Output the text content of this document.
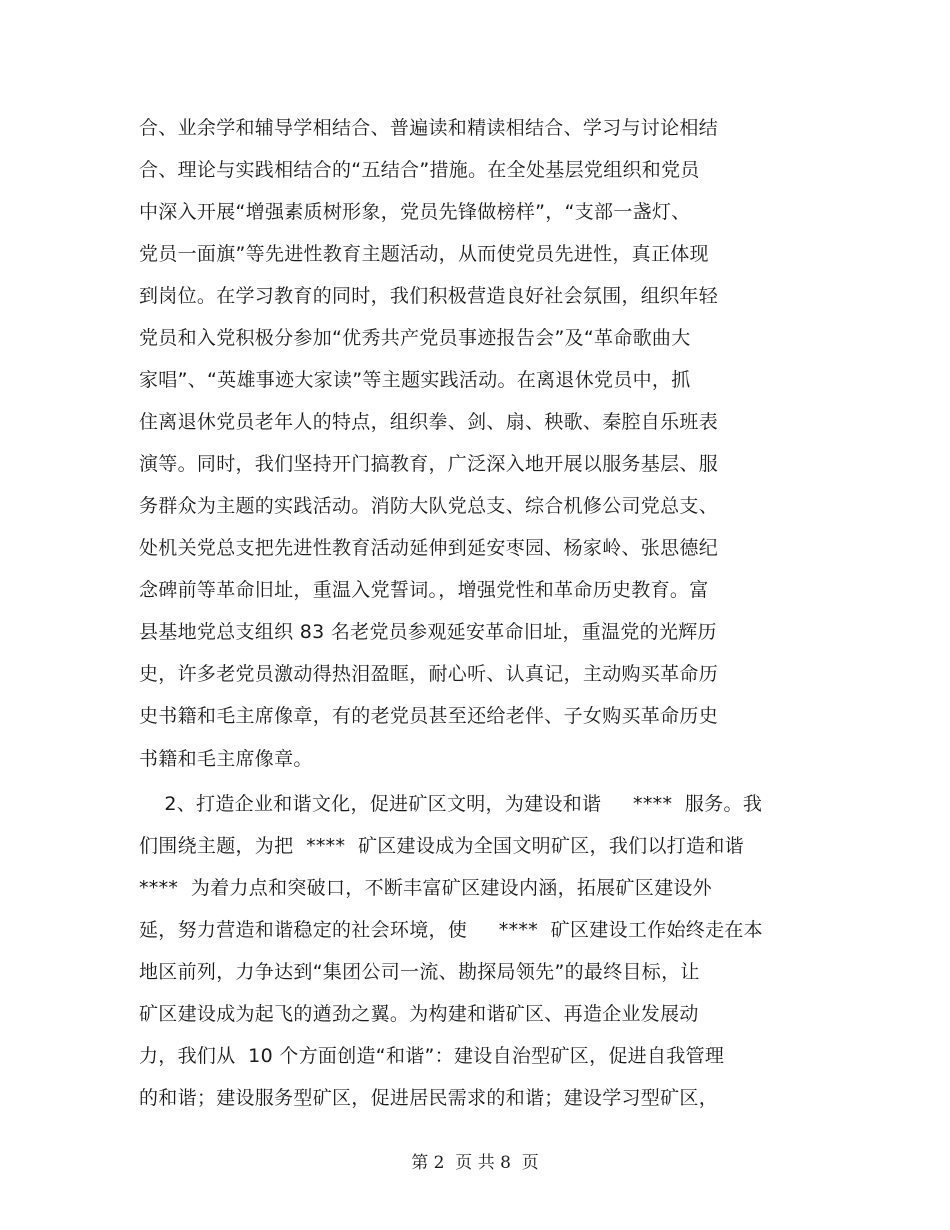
合、业余学和辅导学相结合、普遍读和精读相结合、学习与讨论相结
合、理论与实践相结合的“五结合”措施。在全处基层党组织和党员
中深入开展“增强素质树形象，党员先锋做榜样”，“支部一盏灯、
党员一面旗”等先进性教育主题活动，从而使党员先进性，真正体现
到岗位。在学习教育的同时，我们积极营造良好社会氛围，组织年轻
党员和入党积极分参加“优秀共产党员事迹报告会”及“革命歌曲大
家唱”、“英雄事迹大家读”等主题实践活动。在离退休党员中，抓
住离退休党员老年人的特点，组织拳、剑、扇、秧歌、秦腔自乐班表
演等。同时，我们坚持开门搞教育，广泛深入地开展以服务基层、服
务群众为主题的实践活动。消防大队党总支、综合机修公司党总支、
处机关党总支把先进性教育活动延伸到延安枣园、杨家岭、张思德纪
念碑前等革命旧址，重温入党誓词。，增强党性和革命历史教育。富
县基地党总支组织 83 名老党员参观延安革命旧址，重温党的光辉历
史，许多老党员激动得热泪盈眶，耐心听、认真记，主动购买革命历
史书籍和毛主席像章，有的老党员甚至还给老伴、子女购买革命历史
书籍和毛主席像章。
2、打造企业和谐文化，促进矿区文明，为建设和谐     ****  服务。我
们围绕主题，为把  ****  矿区建设成为全国文明矿区，我们以打造和谐
****  为着力点和突破口，不断丰富矿区建设内涵，拓展矿区建设外
延，努力营造和谐稳定的社会环境，使     ****  矿区建设工作始终走在本
地区前列，力争达到“集团公司一流、勘探局领先”的最终目标，让
矿区建设成为起飞的遒劲之翼。为构建和谐矿区、再造企业发展动
力，我们从  10 个方面创造“和谐”：建设自治型矿区，促进自我管理
的和谐；建设服务型矿区，促进居民需求的和谐；建设学习型矿区，
第 2  页 共 8  页
